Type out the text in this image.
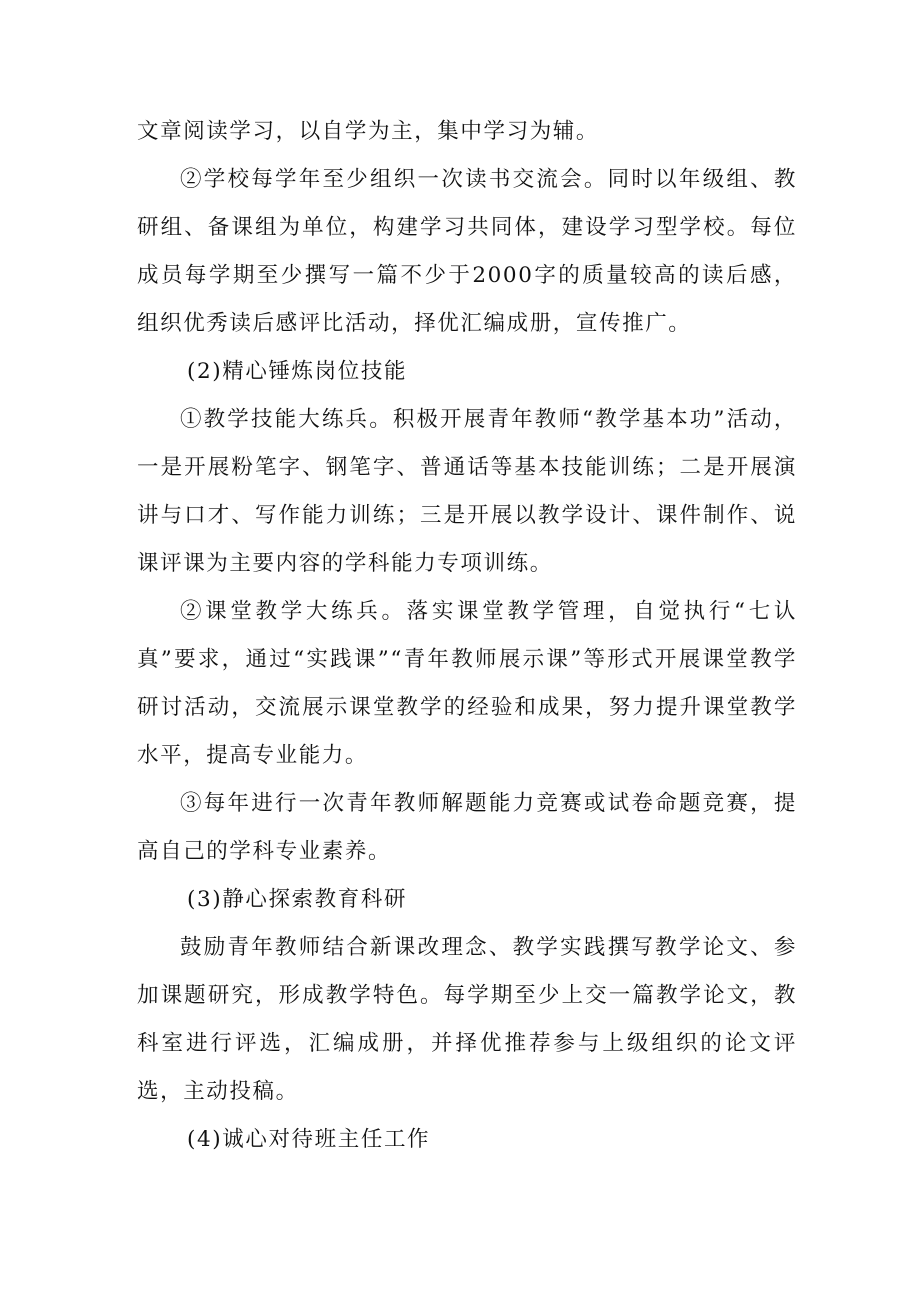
文章阅读学习，以自学为主，集中学习为辅。

②学校每学年至少组织一次读书交流会。同时以年级组、教研组、备课组为单位，构建学习共同体，建设学习型学校。每位成员每学期至少撰写一篇不少于2000字的质量较高的读后感，组织优秀读后感评比活动，择优汇编成册，宣传推广。

(2)精心锤炼岗位技能

①教学技能大练兵。积极开展青年教师“教学基本功”活动，一是开展粉笔字、钢笔字、普通话等基本技能训练；二是开展演讲与口才、写作能力训练；三是开展以教学设计、课件制作、说课评课为主要内容的学科能力专项训练。

②课堂教学大练兵。落实课堂教学管理，自觉执行“七认真”要求，通过“实践课”“青年教师展示课”等形式开展课堂教学研讨活动，交流展示课堂教学的经验和成果，努力提升课堂教学水平，提高专业能力。

③每年进行一次青年教师解题能力竞赛或试卷命题竞赛，提高自己的学科专业素养。

(3)静心探索教育科研

鼓励青年教师结合新课改理念、教学实践撰写教学论文、参加课题研究，形成教学特色。每学期至少上交一篇教学论文，教科室进行评选，汇编成册，并择优推荐参与上级组织的论文评选，主动投稿。

(4)诚心对待班主任工作
